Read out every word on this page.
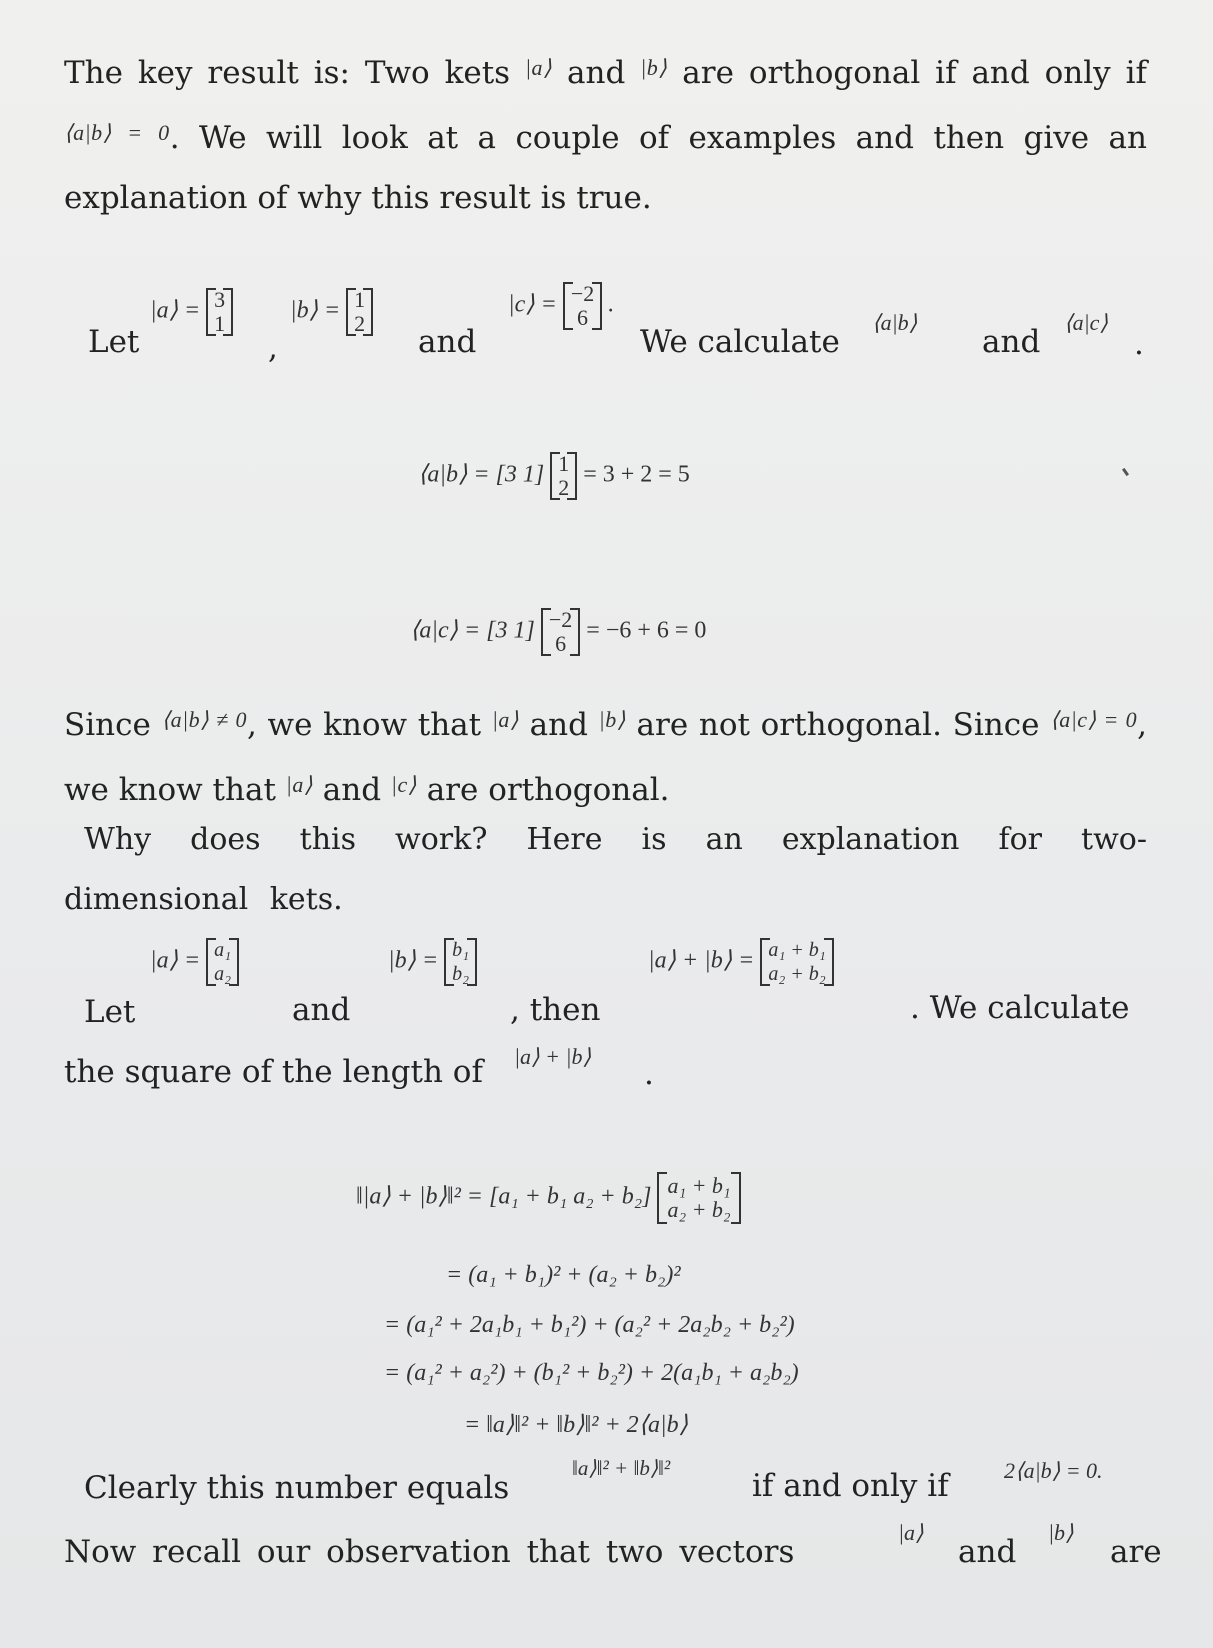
The key result is: Two kets $^{|a⟩}$ and $^{|b⟩}$ are orthogonal if and only if $^{⟨a|b⟩ = 0}$. We will look at a couple of examples and then give an explanation of why this result is true.
Let
|a⟩ = 3
1
,
|b⟩ = 1
2
and
|c⟩ = −2
6 .
We calculate
⟨a|b⟩
and
⟨a|c⟩
.
⟨a|b⟩ = [3 1] 1
2 = 3 + 2 = 5
⟨a|c⟩ = [3 1] −2
6 = −6 + 6 = 0
Since $^{⟨a|b⟩ \ne 0}$, we know that $^{|a⟩}$ and $^{|b⟩}$ are not orthogonal. Since $^{⟨a|c⟩ = 0}$, we know that $^{|a⟩}$ and $^{|c⟩}$ are orthogonal.
Why does this work? Here is an explanation for two-dimensional kets.
Let
|a⟩ = a₁
a₂
and
|b⟩ = b₁
b₂
, then
|a⟩ + |b⟩ = a₁ + b₁
a₂ + b₂
. We calculate
the square of the length of |a⟩ + |b⟩ .
‖|a⟩ + |b⟩‖² = [a₁ + b₁ a₂ + b₂] a₁ + b₁
a₂ + b₂
= (a₁ + b₁)² + (a₂ + b₂)²
= (a₁² + 2a₁b₁ + b₁²) + (a₂² + 2a₂b₂ + b₂²)
= (a₁² + a₂²) + (b₁² + b₂²) + 2(a₁b₁ + a₂b₂)
= ‖a⟩‖² + ‖b⟩‖² + 2⟨a|b⟩
Clearly this number equals
‖a⟩‖² + ‖b⟩‖²	if and only if	2⟨a|b⟩ = 0.
Now recall our observation that two vectors
|a⟩
and
|b⟩
are
